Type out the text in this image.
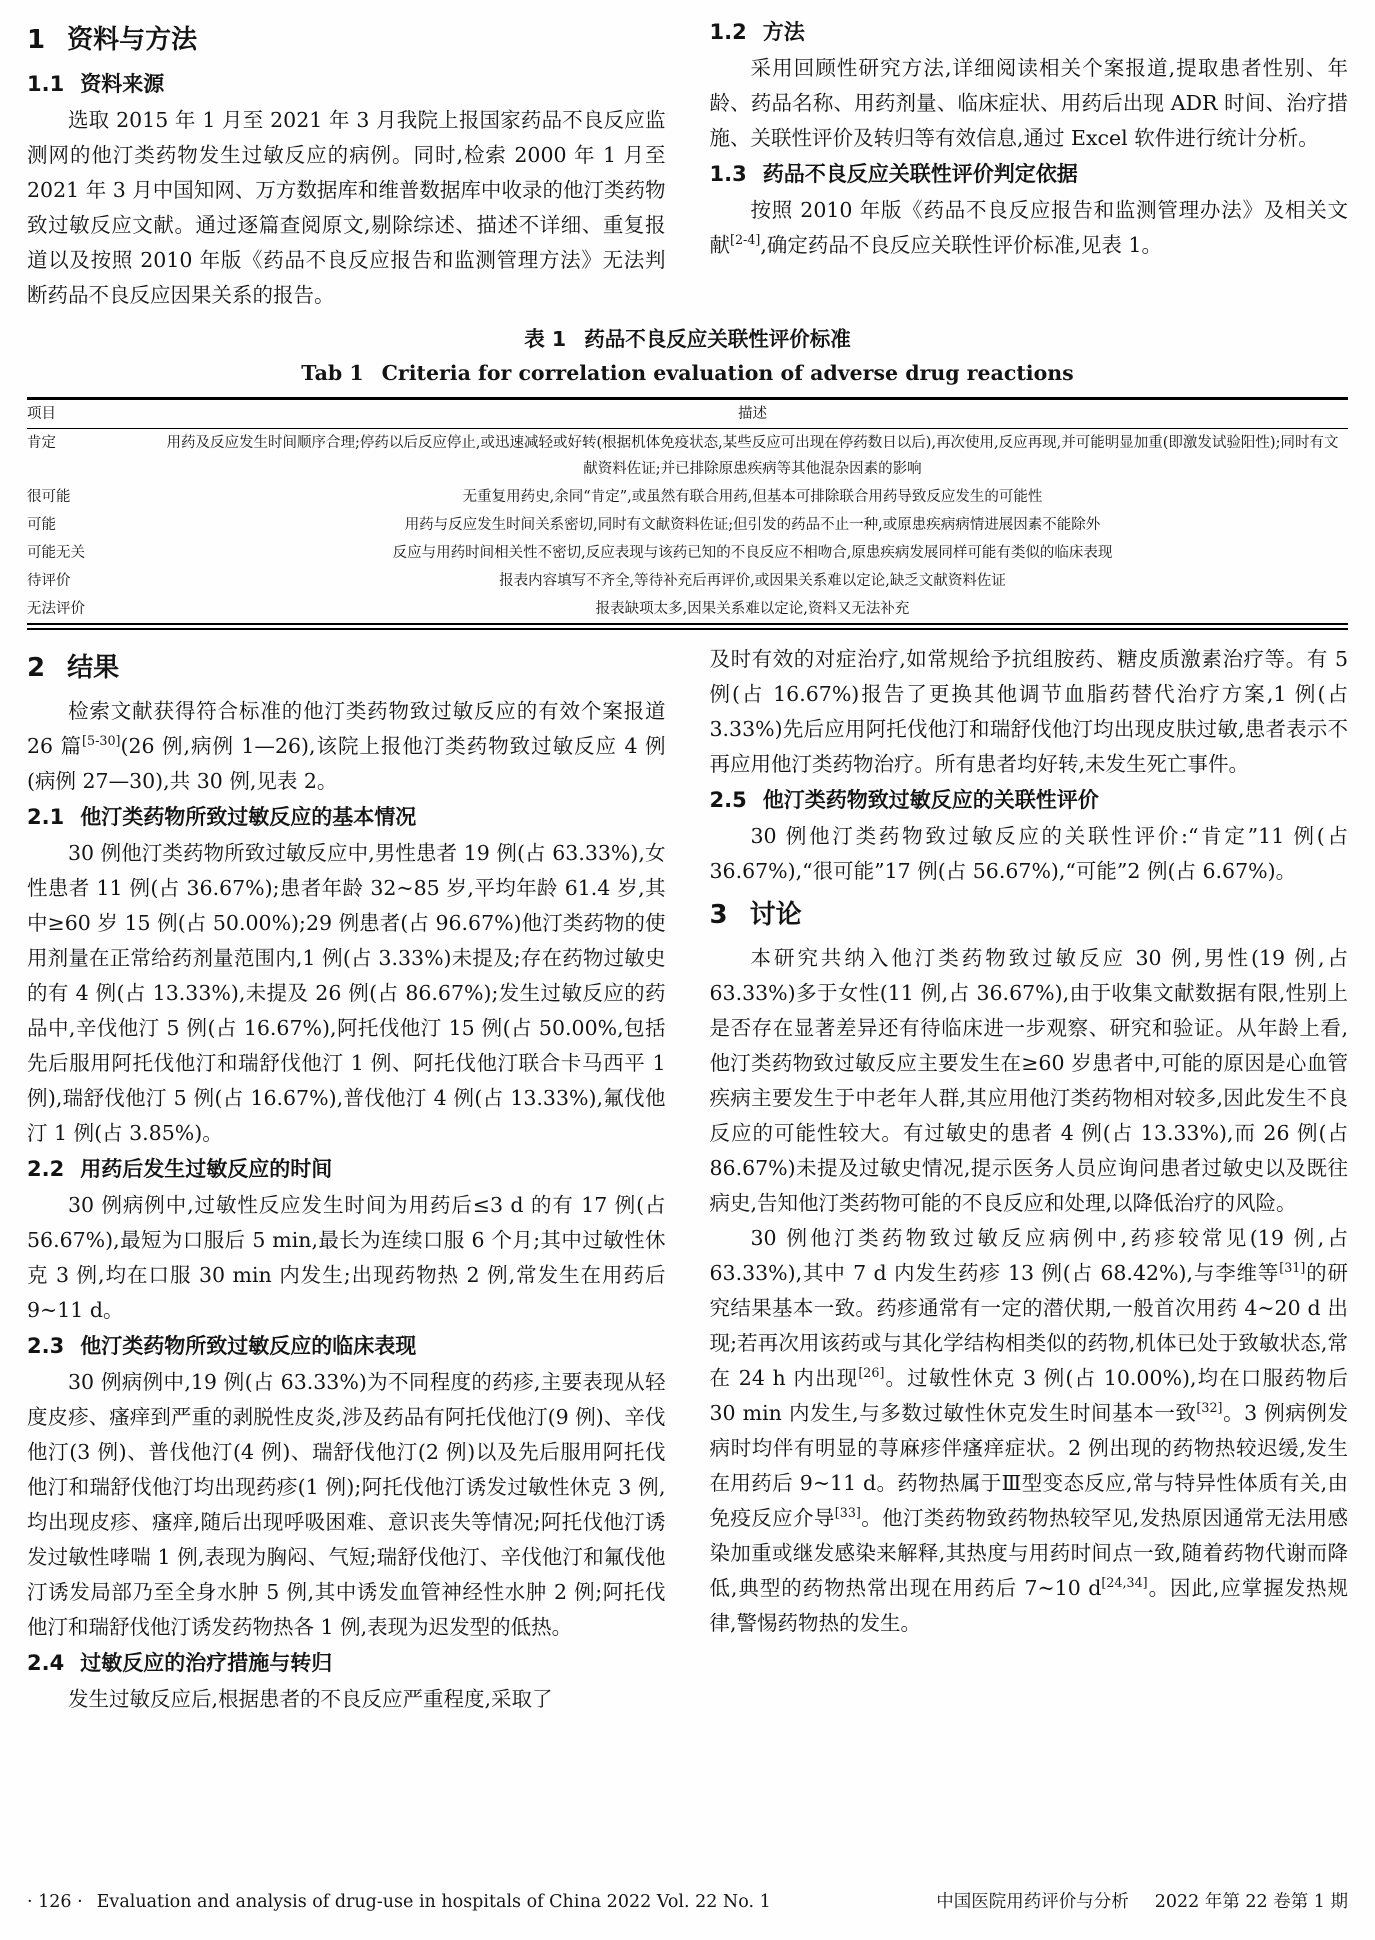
1 资料与方法
1.1 资料来源

选取 2015 年 1 月至 2021 年 3 月我院上报国家药品不良反应监测网的他汀类药物发生过敏反应的病例。同时,检索 2000 年 1 月至 2021 年 3 月中国知网、万方数据库和维普数据库中收录的他汀类药物致过敏反应文献。通过逐篇查阅原文,剔除综述、描述不详细、重复报道以及按照 2010 年版《药品不良反应报告和监测管理方法》无法判断药品不良反应因果关系的报告。

1.2 方法

采用回顾性研究方法,详细阅读相关个案报道,提取患者性别、年龄、药品名称、用药剂量、临床症状、用药后出现 ADR 时间、治疗措施、关联性评价及转归等有效信息,通过 Excel 软件进行统计分析。

1.3 药品不良反应关联性评价判定依据

按照 2010 年版《药品不良反应报告和监测管理办法》及相关文献[2-4],确定药品不良反应关联性评价标准,见表 1。

表 1 药品不良反应关联性评价标准
Tab 1 Criteria for correlation evaluation of adverse drug reactions
项目	描述
肯定	用药及反应发生时间顺序合理;停药以后反应停止,或迅速减轻或好转(根据机体免疫状态,某些反应可出现在停药数日以后),再次使用,反应再现,并可能明显加重(即激发试验阳性);同时有文献资料佐证;并已排除原患疾病等其他混杂因素的影响
很可能	无重复用药史,余同“肯定”,或虽然有联合用药,但基本可排除联合用药导致反应发生的可能性
可能	用药与反应发生时间关系密切,同时有文献资料佐证;但引发的药品不止一种,或原患疾病病情进展因素不能除外
可能无关	反应与用药时间相关性不密切,反应表现与该药已知的不良反应不相吻合,原患疾病发展同样可能有类似的临床表现
待评价	报表内容填写不齐全,等待补充后再评价,或因果关系难以定论,缺乏文献资料佐证
无法评价	报表缺项太多,因果关系难以定论,资料又无法补充
2 结果

检索文献获得符合标准的他汀类药物致过敏反应的有效个案报道 26 篇[5-30](26 例,病例 1—26),该院上报他汀类药物致过敏反应 4 例(病例 27—30),共 30 例,见表 2。

2.1 他汀类药物所致过敏反应的基本情况

30 例他汀类药物所致过敏反应中,男性患者 19 例(占 63.33%),女性患者 11 例(占 36.67%);患者年龄 32~85 岁,平均年龄 61.4 岁,其中≥60 岁 15 例(占 50.00%);29 例患者(占 96.67%)他汀类药物的使用剂量在正常给药剂量范围内,1 例(占 3.33%)未提及;存在药物过敏史的有 4 例(占 13.33%),未提及 26 例(占 86.67%);发生过敏反应的药品中,辛伐他汀 5 例(占 16.67%),阿托伐他汀 15 例(占 50.00%,包括先后服用阿托伐他汀和瑞舒伐他汀 1 例、阿托伐他汀联合卡马西平 1 例),瑞舒伐他汀 5 例(占 16.67%),普伐他汀 4 例(占 13.33%),氟伐他汀 1 例(占 3.85%)。

2.2 用药后发生过敏反应的时间

30 例病例中,过敏性反应发生时间为用药后≤3 d 的有 17 例(占 56.67%),最短为口服后 5 min,最长为连续口服 6 个月;其中过敏性休克 3 例,均在口服 30 min 内发生;出现药物热 2 例,常发生在用药后 9~11 d。

2.3 他汀类药物所致过敏反应的临床表现

30 例病例中,19 例(占 63.33%)为不同程度的药疹,主要表现从轻度皮疹、瘙痒到严重的剥脱性皮炎,涉及药品有阿托伐他汀(9 例)、辛伐他汀(3 例)、普伐他汀(4 例)、瑞舒伐他汀(2 例)以及先后服用阿托伐他汀和瑞舒伐他汀均出现药疹(1 例);阿托伐他汀诱发过敏性休克 3 例,均出现皮疹、瘙痒,随后出现呼吸困难、意识丧失等情况;阿托伐他汀诱发过敏性哮喘 1 例,表现为胸闷、气短;瑞舒伐他汀、辛伐他汀和氟伐他汀诱发局部乃至全身水肿 5 例,其中诱发血管神经性水肿 2 例;阿托伐他汀和瑞舒伐他汀诱发药物热各 1 例,表现为迟发型的低热。

2.4 过敏反应的治疗措施与转归

发生过敏反应后,根据患者的不良反应严重程度,采取了

及时有效的对症治疗,如常规给予抗组胺药、糖皮质激素治疗等。有 5 例(占 16.67%)报告了更换其他调节血脂药替代治疗方案,1 例(占 3.33%)先后应用阿托伐他汀和瑞舒伐他汀均出现皮肤过敏,患者表示不再应用他汀类药物治疗。所有患者均好转,未发生死亡事件。

2.5 他汀类药物致过敏反应的关联性评价

30 例他汀类药物致过敏反应的关联性评价:“肯定”11 例(占 36.67%),“很可能”17 例(占 56.67%),“可能”2 例(占 6.67%)。

3 讨论

本研究共纳入他汀类药物致过敏反应 30 例,男性(19 例,占 63.33%)多于女性(11 例,占 36.67%),由于收集文献数据有限,性别上是否存在显著差异还有待临床进一步观察、研究和验证。从年龄上看,他汀类药物致过敏反应主要发生在≥60 岁患者中,可能的原因是心血管疾病主要发生于中老年人群,其应用他汀类药物相对较多,因此发生不良反应的可能性较大。有过敏史的患者 4 例(占 13.33%),而 26 例(占 86.67%)未提及过敏史情况,提示医务人员应询问患者过敏史以及既往病史,告知他汀类药物可能的不良反应和处理,以降低治疗的风险。

30 例他汀类药物致过敏反应病例中,药疹较常见(19 例,占 63.33%),其中 7 d 内发生药疹 13 例(占 68.42%),与李维等[31]的研究结果基本一致。药疹通常有一定的潜伏期,一般首次用药 4~20 d 出现;若再次用该药或与其化学结构相类似的药物,机体已处于致敏状态,常在 24 h 内出现[26]。过敏性休克 3 例(占 10.00%),均在口服药物后 30 min 内发生,与多数过敏性休克发生时间基本一致[32]。3 例病例发病时均伴有明显的荨麻疹伴瘙痒症状。2 例出现的药物热较迟缓,发生在用药后 9~11 d。药物热属于Ⅲ型变态反应,常与特异性体质有关,由免疫反应介导[33]。他汀类药物致药物热较罕见,发热原因通常无法用感染加重或继发感染来解释,其热度与用药时间点一致,随着药物代谢而降低,典型的药物热常出现在用药后 7~10 d[24,34]。因此,应掌握发热规律,警惕药物热的发生。

· 126 · Evaluation and analysis of drug-use in hospitals of China 2022 Vol. 22 No. 1	中国医院用药评价与分析 2022 年第 22 卷第 1 期
